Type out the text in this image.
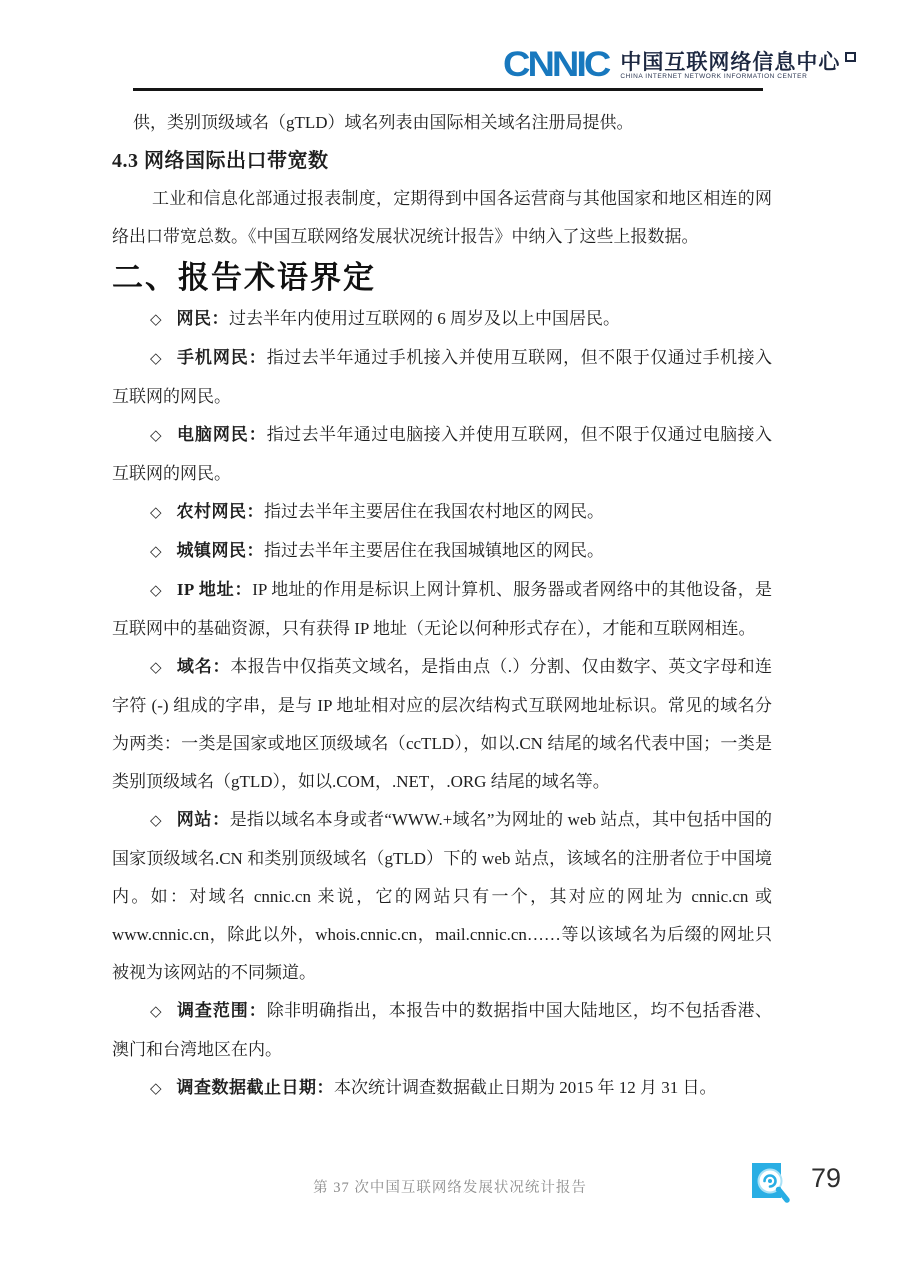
CNNIC 中国互联网络信息中心
CHINA INTERNET NETWORK INFORMATION CENTER

供，类别顶级域名（gTLD）域名列表由国际相关域名注册局提供。

4.3 网络国际出口带宽数

工业和信息化部通过报表制度，定期得到中国各运营商与其他国家和地区相连的网络出口带宽总数。《中国互联网络发展状况统计报告》中纳入了这些上报数据。

二、报告术语界定

◇ 网民：过去半年内使用过互联网的 6 周岁及以上中国居民。

◇ 手机网民：指过去半年通过手机接入并使用互联网，但不限于仅通过手机接入互联网的网民。

◇ 电脑网民：指过去半年通过电脑接入并使用互联网，但不限于仅通过电脑接入互联网的网民。

◇ 农村网民：指过去半年主要居住在我国农村地区的网民。

◇ 城镇网民：指过去半年主要居住在我国城镇地区的网民。

◇ IP 地址：IP 地址的作用是标识上网计算机、服务器或者网络中的其他设备，是互联网中的基础资源，只有获得 IP 地址（无论以何种形式存在），才能和互联网相连。

◇ 域名：本报告中仅指英文域名，是指由点（.）分割、仅由数字、英文字母和连字符 (-) 组成的字串，是与 IP 地址相对应的层次结构式互联网地址标识。常见的域名分为两类：一类是国家或地区顶级域名（ccTLD），如以.CN 结尾的域名代表中国；一类是类别顶级域名（gTLD），如以.COM，.NET，.ORG 结尾的域名等。

◇ 网站：是指以域名本身或者“WWW.+域名”为网址的 web 站点，其中包括中国的国家顶级域名.CN 和类别顶级域名（gTLD）下的 web 站点，该域名的注册者位于中国境内。如：对域名 cnnic.cn 来说，它的网站只有一个，其对应的网址为 cnnic.cn 或 www.cnnic.cn，除此以外，whois.cnnic.cn，mail.cnnic.cn……等以该域名为后缀的网址只被视为该网站的不同频道。

◇ 调查范围：除非明确指出，本报告中的数据指中国大陆地区，均不包括香港、澳门和台湾地区在内。

◇ 调查数据截止日期：本次统计调查数据截止日期为 2015 年 12 月 31 日。

第 37 次中国互联网络发展状况统计报告	79
